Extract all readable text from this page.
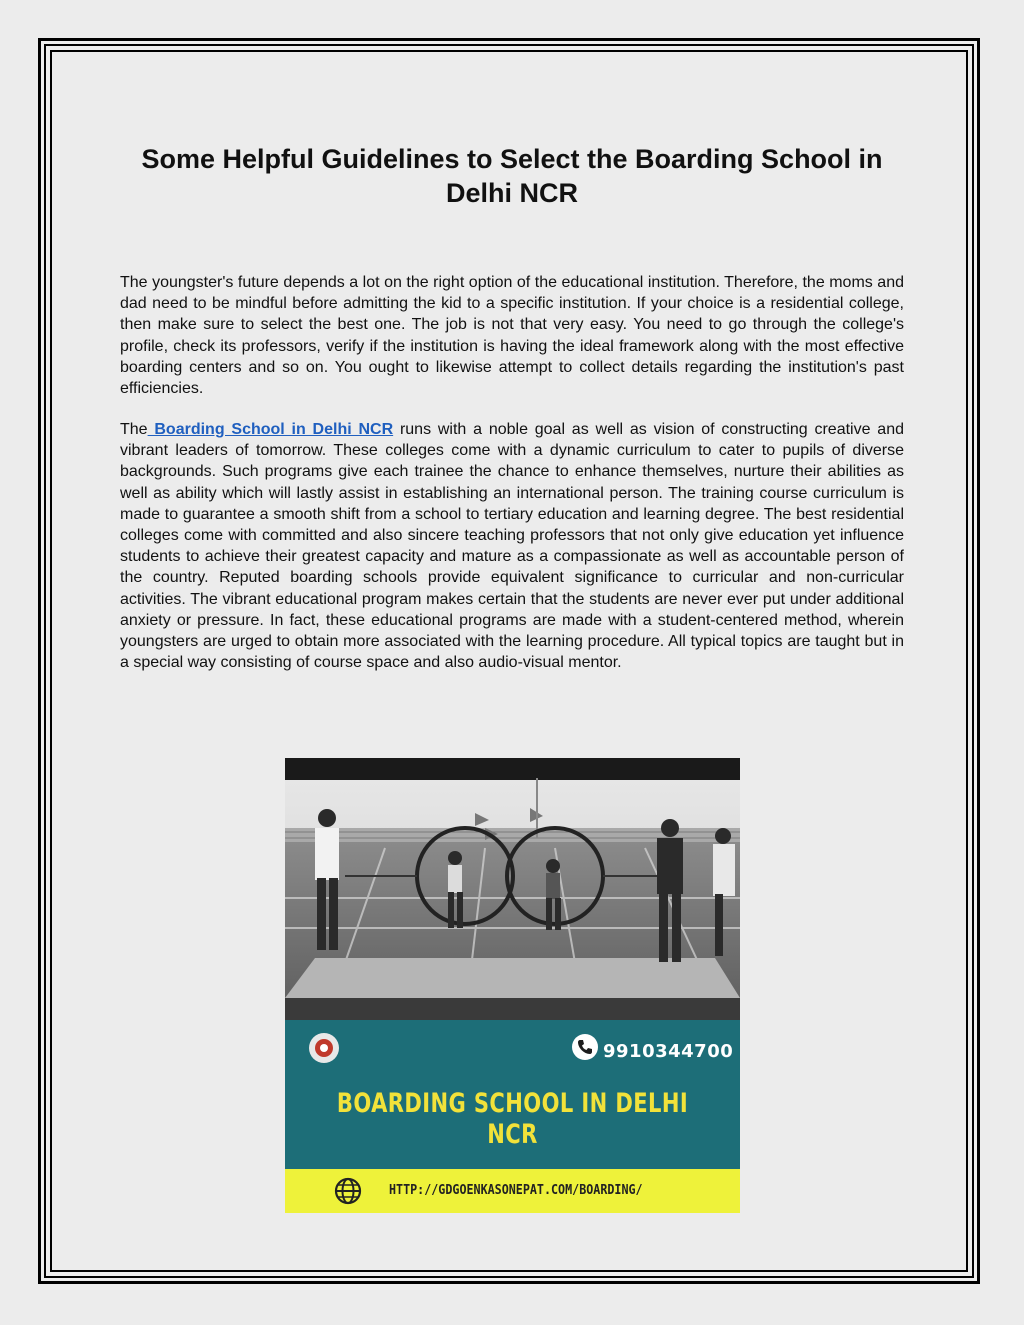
Some Helpful Guidelines to Select the Boarding School in Delhi NCR

The youngster's future depends a lot on the right option of the educational institution. Therefore, the moms and dad need to be mindful before admitting the kid to a specific institution. If your choice is a residential college, then make sure to select the best one. The job is not that very easy. You need to go through the college's profile, check its professors, verify if the institution is having the ideal framework along with the most effective boarding centers and so on. You ought to likewise attempt to collect details regarding the institution's past efficiencies.

The Boarding School in Delhi NCR runs with a noble goal as well as vision of constructing creative and vibrant leaders of tomorrow. These colleges come with a dynamic curriculum to cater to pupils of diverse backgrounds. Such programs give each trainee the chance to enhance themselves, nurture their abilities as well as ability which will lastly assist in establishing an international person. The training course curriculum is made to guarantee a smooth shift from a school to tertiary education and learning degree. The best residential colleges come with committed and also sincere teaching professors that not only give education yet influence students to achieve their greatest capacity and mature as a compassionate as well as accountable person of the country. Reputed boarding schools provide equivalent significance to curricular and non-curricular activities. The vibrant educational program makes certain that the students are never ever put under additional anxiety or pressure. In fact, these educational programs are made with a student-centered method, wherein youngsters are urged to obtain more associated with the learning procedure. All typical topics are taught but in a special way consisting of course space and also audio-visual mentor.

9910344700
BOARDING SCHOOL IN DELHI NCR
HTTP://GDGOENKASONEPAT.COM/BOARDING/
